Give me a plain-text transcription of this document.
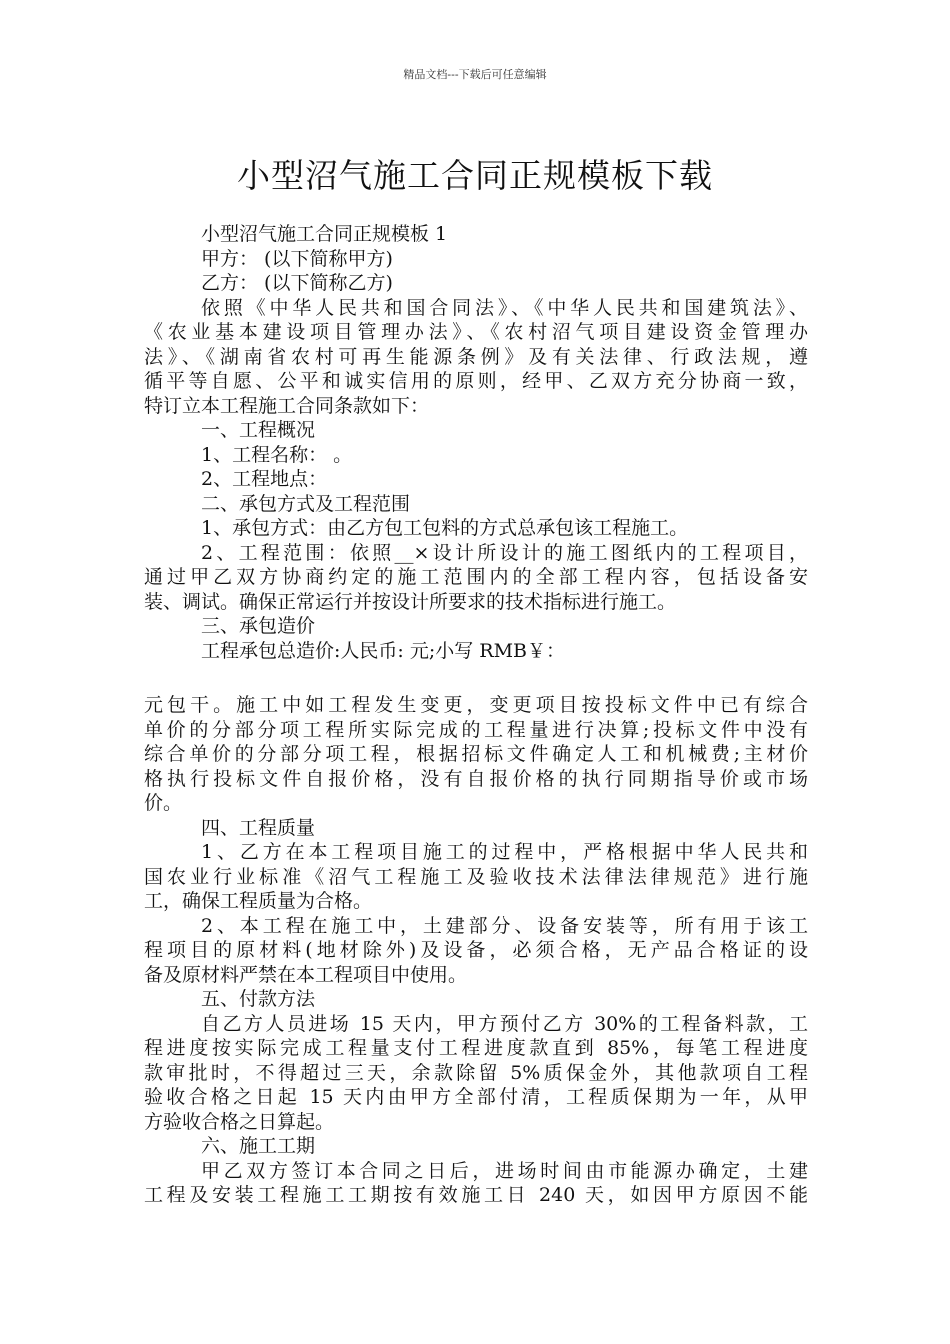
精品文档---下载后可任意编辑
小型沼气施工合同正规模板下载
小型沼气施工合同正规模板 1
甲方： (以下简称甲方)
乙方： (以下简称乙方)
依照《中华人民共和国合同法》、《中华人民共和国建筑法》、
《农业基本建设项目管理办法》、《农村沼气项目建设资金管理办
法》、《湖南省农村可再生能源条例》及有关法律、行政法规，遵
循平等自愿、公平和诚实信用的原则，经甲、乙双方充分协商一致，
特订立本工程施工合同条款如下：
一、工程概况
1、工程名称： 。
2、工程地点：
二、承包方式及工程范围
1、承包方式：由乙方包工包料的方式总承包该工程施工。
2、工程范围：依照__×设计所设计的施工图纸内的工程项目，
通过甲乙双方协商约定的施工范围内的全部工程内容，包括设备安
装、调试。确保正常运行并按设计所要求的技术指标进行施工。
三、承包造价
工程承包总造价:人民币: 元;小写 RMB￥：
元包干。施工中如工程发生变更，变更项目按投标文件中已有综合
单价的分部分项工程所实际完成的工程量进行决算;投标文件中没有
综合单价的分部分项工程，根据招标文件确定人工和机械费;主材价
格执行投标文件自报价格，没有自报价格的执行同期指导价或市场
价。
四、工程质量
1、乙方在本工程项目施工的过程中，严格根据中华人民共和
国农业行业标准《沼气工程施工及验收技术法律法律规范》进行施
工，确保工程质量为合格。
2、本工程在施工中，土建部分、设备安装等，所有用于该工
程项目的原材料(地材除外)及设备，必须合格，无产品合格证的设
备及原材料严禁在本工程项目中使用。
五、付款方法
自乙方人员进场 15 天内，甲方预付乙方 30%的工程备料款，工
程进度按实际完成工程量支付工程进度款直到 85%，每笔工程进度
款审批时，不得超过三天，余款除留 5%质保金外，其他款项自工程
验收合格之日起 15 天内由甲方全部付清，工程质保期为一年，从甲
方验收合格之日算起。
六、施工工期
甲乙双方签订本合同之日后，进场时间由市能源办确定，土建
工程及安装工程施工工期按有效施工日 240 天，如因甲方原因不能
